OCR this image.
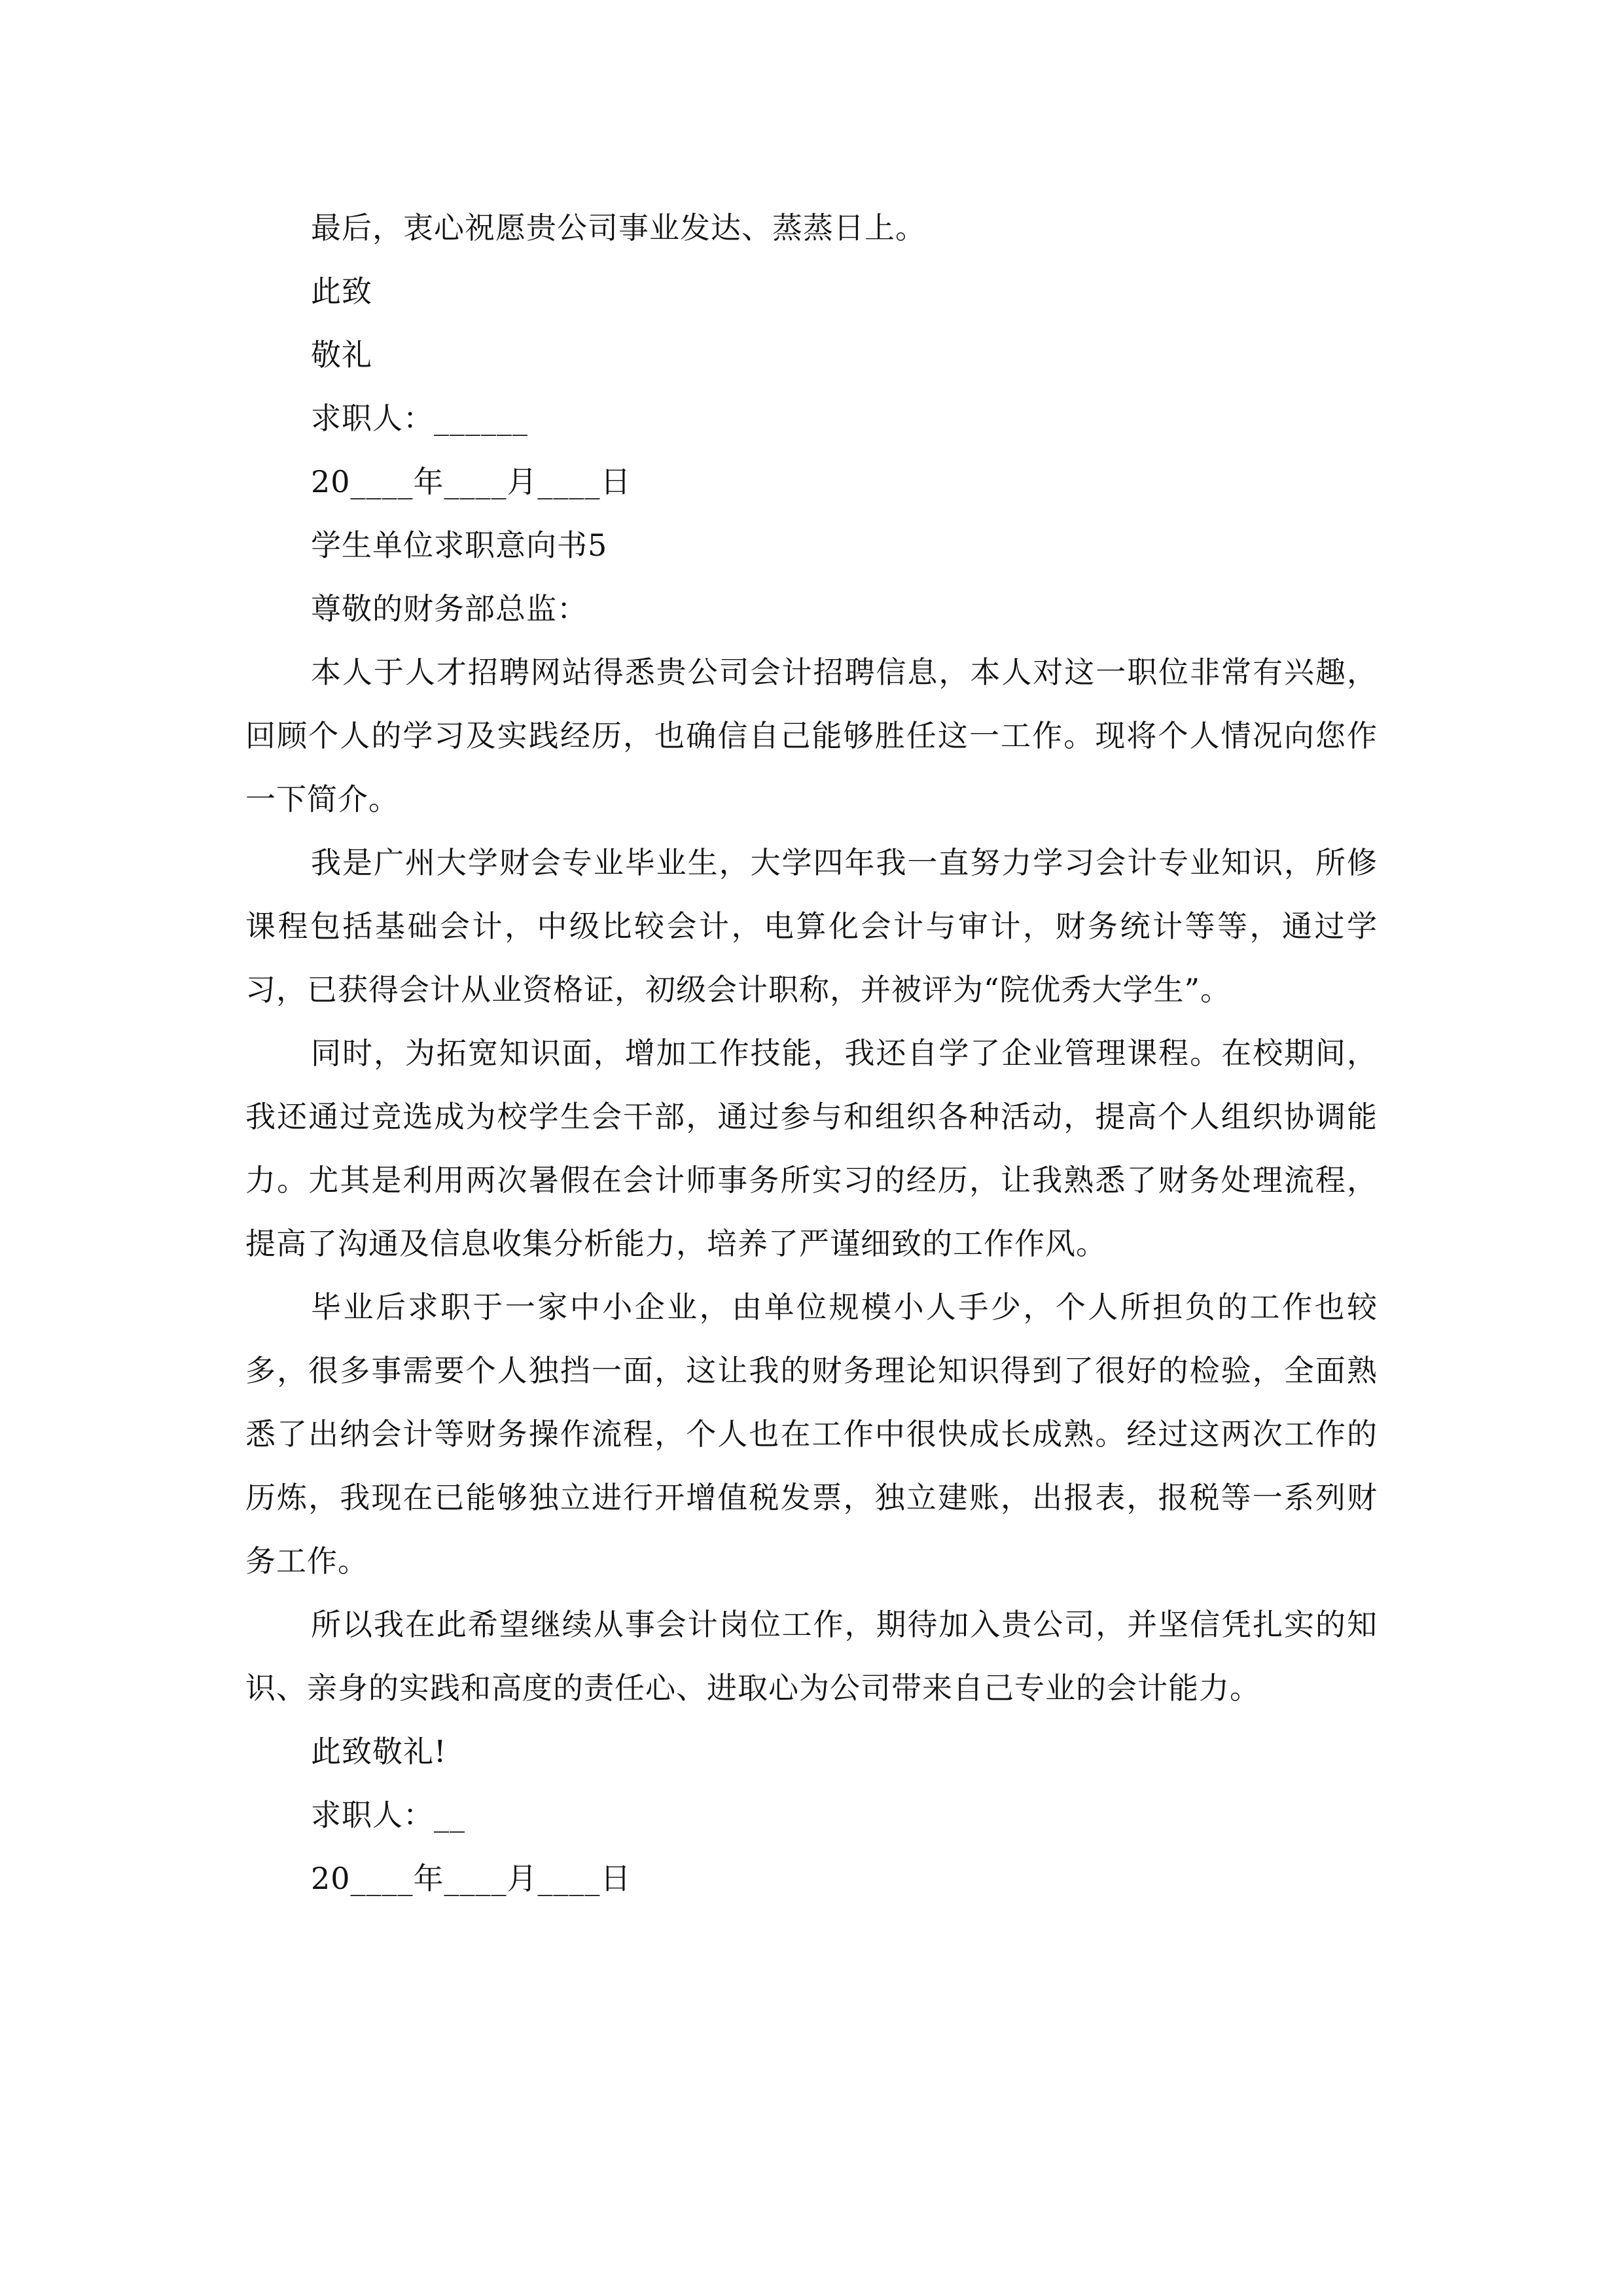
最后，衷心祝愿贵公司事业发达、蒸蒸日上。

此致

敬礼

求职人：______

20____年____月____日

学生单位求职意向书5

尊敬的财务部总监：

本人于人才招聘网站得悉贵公司会计招聘信息，本人对这一职位非常有兴趣，回顾个人的学习及实践经历，也确信自己能够胜任这一工作。现将个人情况向您作一下简介。

我是广州大学财会专业毕业生，大学四年我一直努力学习会计专业知识，所修课程包括基础会计，中级比较会计，电算化会计与审计，财务统计等等，通过学习，已获得会计从业资格证，初级会计职称，并被评为“院优秀大学生”。

同时，为拓宽知识面，增加工作技能，我还自学了企业管理课程。在校期间，我还通过竞选成为校学生会干部，通过参与和组织各种活动，提高个人组织协调能力。尤其是利用两次暑假在会计师事务所实习的经历，让我熟悉了财务处理流程，提高了沟通及信息收集分析能力，培养了严谨细致的工作作风。

毕业后求职于一家中小企业，由单位规模小人手少，个人所担负的工作也较多，很多事需要个人独挡一面，这让我的财务理论知识得到了很好的检验，全面熟悉了出纳会计等财务操作流程，个人也在工作中很快成长成熟。经过这两次工作的历炼，我现在已能够独立进行开增值税发票，独立建账，出报表，报税等一系列财务工作。

所以我在此希望继续从事会计岗位工作，期待加入贵公司，并坚信凭扎实的知识、亲身的实践和高度的责任心、进取心为公司带来自己专业的会计能力。

此致敬礼!

求职人：__

20____年____月____日
